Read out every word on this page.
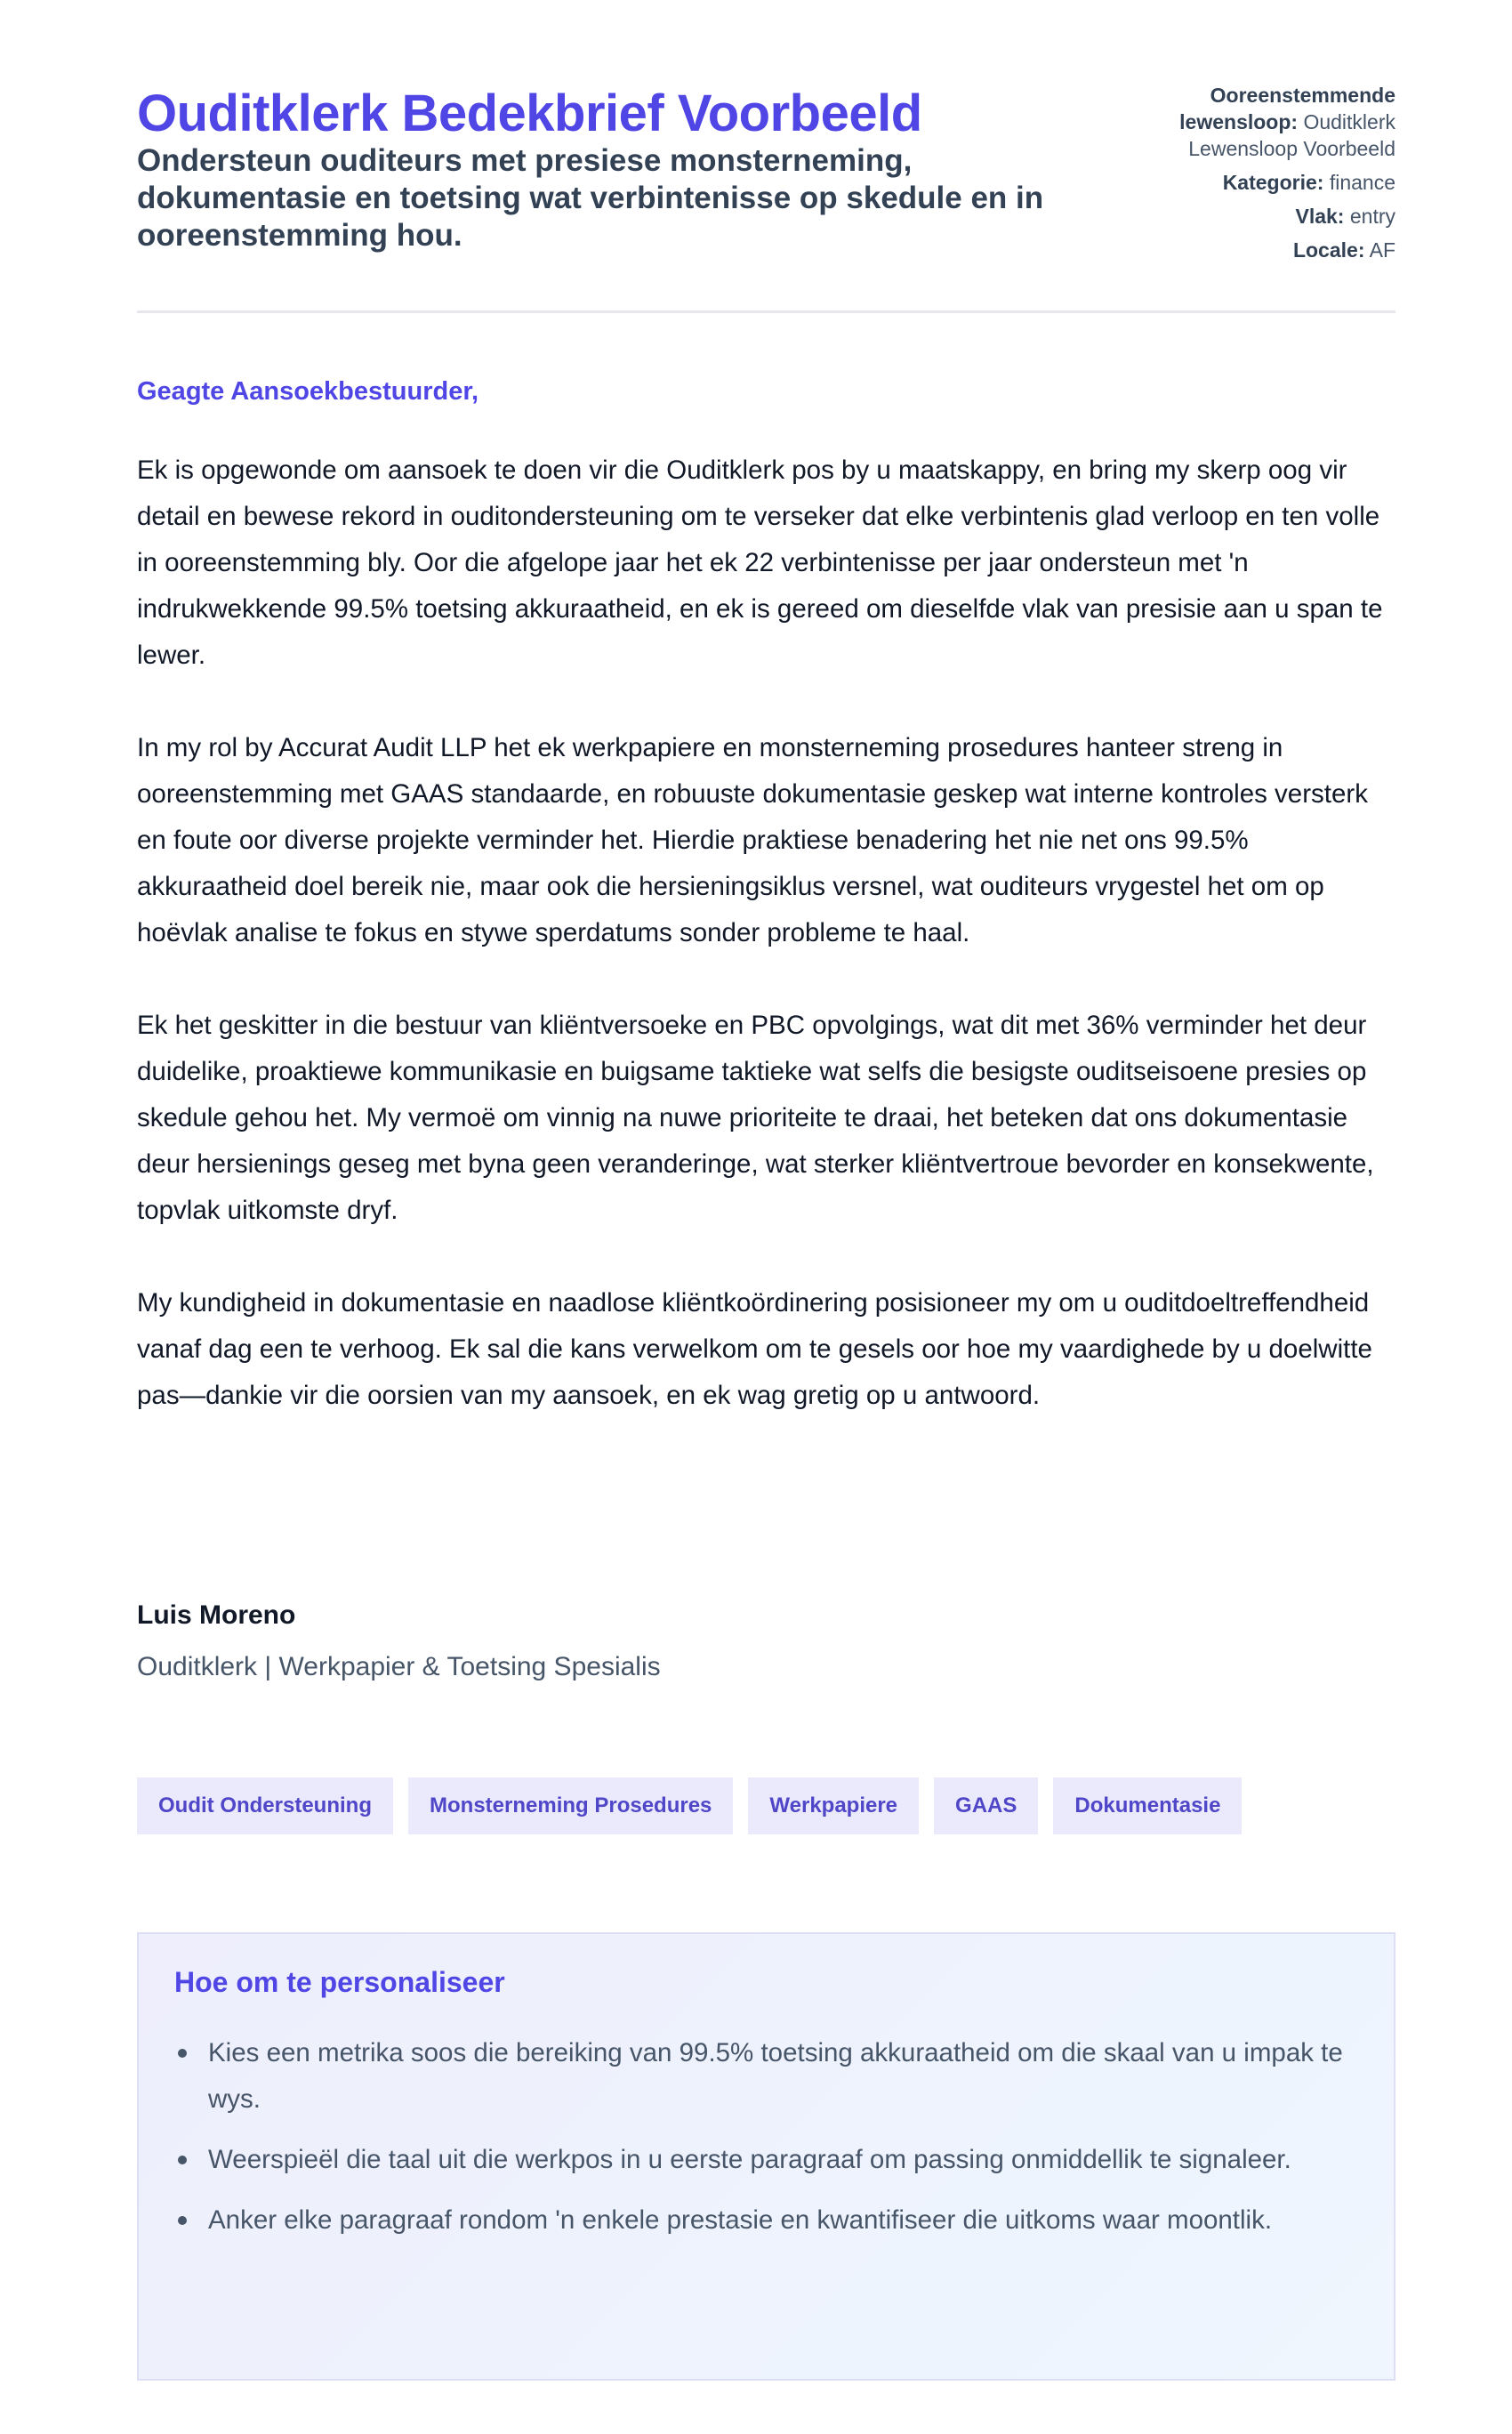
Ouditklerk Bedekbrief Voorbeeld
Ondersteun ouditeurs met presiese monsterneming, dokumentasie en toetsing wat verbintenisse op skedule en in ooreenstemming hou.
Ooreenstemmende lewensloop: Ouditklerk Lewensloop Voorbeeld
Kategorie: finance
Vlak: entry
Locale: AF
Geagte Aansoekbestuurder,

Ek is opgewonde om aansoek te doen vir die Ouditklerk pos by u maatskappy, en bring my skerp oog vir detail en bewese rekord in ouditondersteuning om te verseker dat elke verbintenis glad verloop en ten volle in ooreenstemming bly. Oor die afgelope jaar het ek 22 verbintenisse per jaar ondersteun met 'n indrukwekkende 99.5% toetsing akkuraatheid, en ek is gereed om dieselfde vlak van presisie aan u span te lewer.

In my rol by Accurat Audit LLP het ek werkpapiere en monsterneming prosedures hanteer streng in ooreenstemming met GAAS standaarde, en robuuste dokumentasie geskep wat interne kontroles versterk en foute oor diverse projekte verminder het. Hierdie praktiese benadering het nie net ons 99.5% akkuraatheid doel bereik nie, maar ook die hersieningsiklus versnel, wat ouditeurs vrygestel het om op hoëvlak analise te fokus en stywe sperdatums sonder probleme te haal.

Ek het geskitter in die bestuur van kliëntversoeke en PBC opvolgings, wat dit met 36% verminder het deur duidelike, proaktiewe kommunikasie en buigsame taktieke wat selfs die besigste ouditseisoene presies op skedule gehou het. My vermoë om vinnig na nuwe prioriteite te draai, het beteken dat ons dokumentasie deur hersienings geseg met byna geen veranderinge, wat sterker kliëntvertroue bevorder en konsekwente, topvlak uitkomste dryf.

My kundigheid in dokumentasie en naadlose kliëntkoördinering posisioneer my om u ouditdoeltreffendheid vanaf dag een te verhoog. Ek sal die kans verwelkom om te gesels oor hoe my vaardighede by u doelwitte pas—dankie vir die oorsien van my aansoek, en ek wag gretig op u antwoord.

Luis Moreno
Ouditklerk | Werkpapier & Toetsing Spesialis
Oudit Ondersteuning	Monsterneming Prosedures	Werkpapiere	GAAS	Dokumentasie
Hoe om te personaliseer
Kies een metrika soos die bereiking van 99.5% toetsing akkuraatheid om die skaal van u impak te wys.
Weerspieël die taal uit die werkpos in u eerste paragraaf om passing onmiddellik te signaleer.
Anker elke paragraaf rondom 'n enkele prestasie en kwantifiseer die uitkoms waar moontlik.
